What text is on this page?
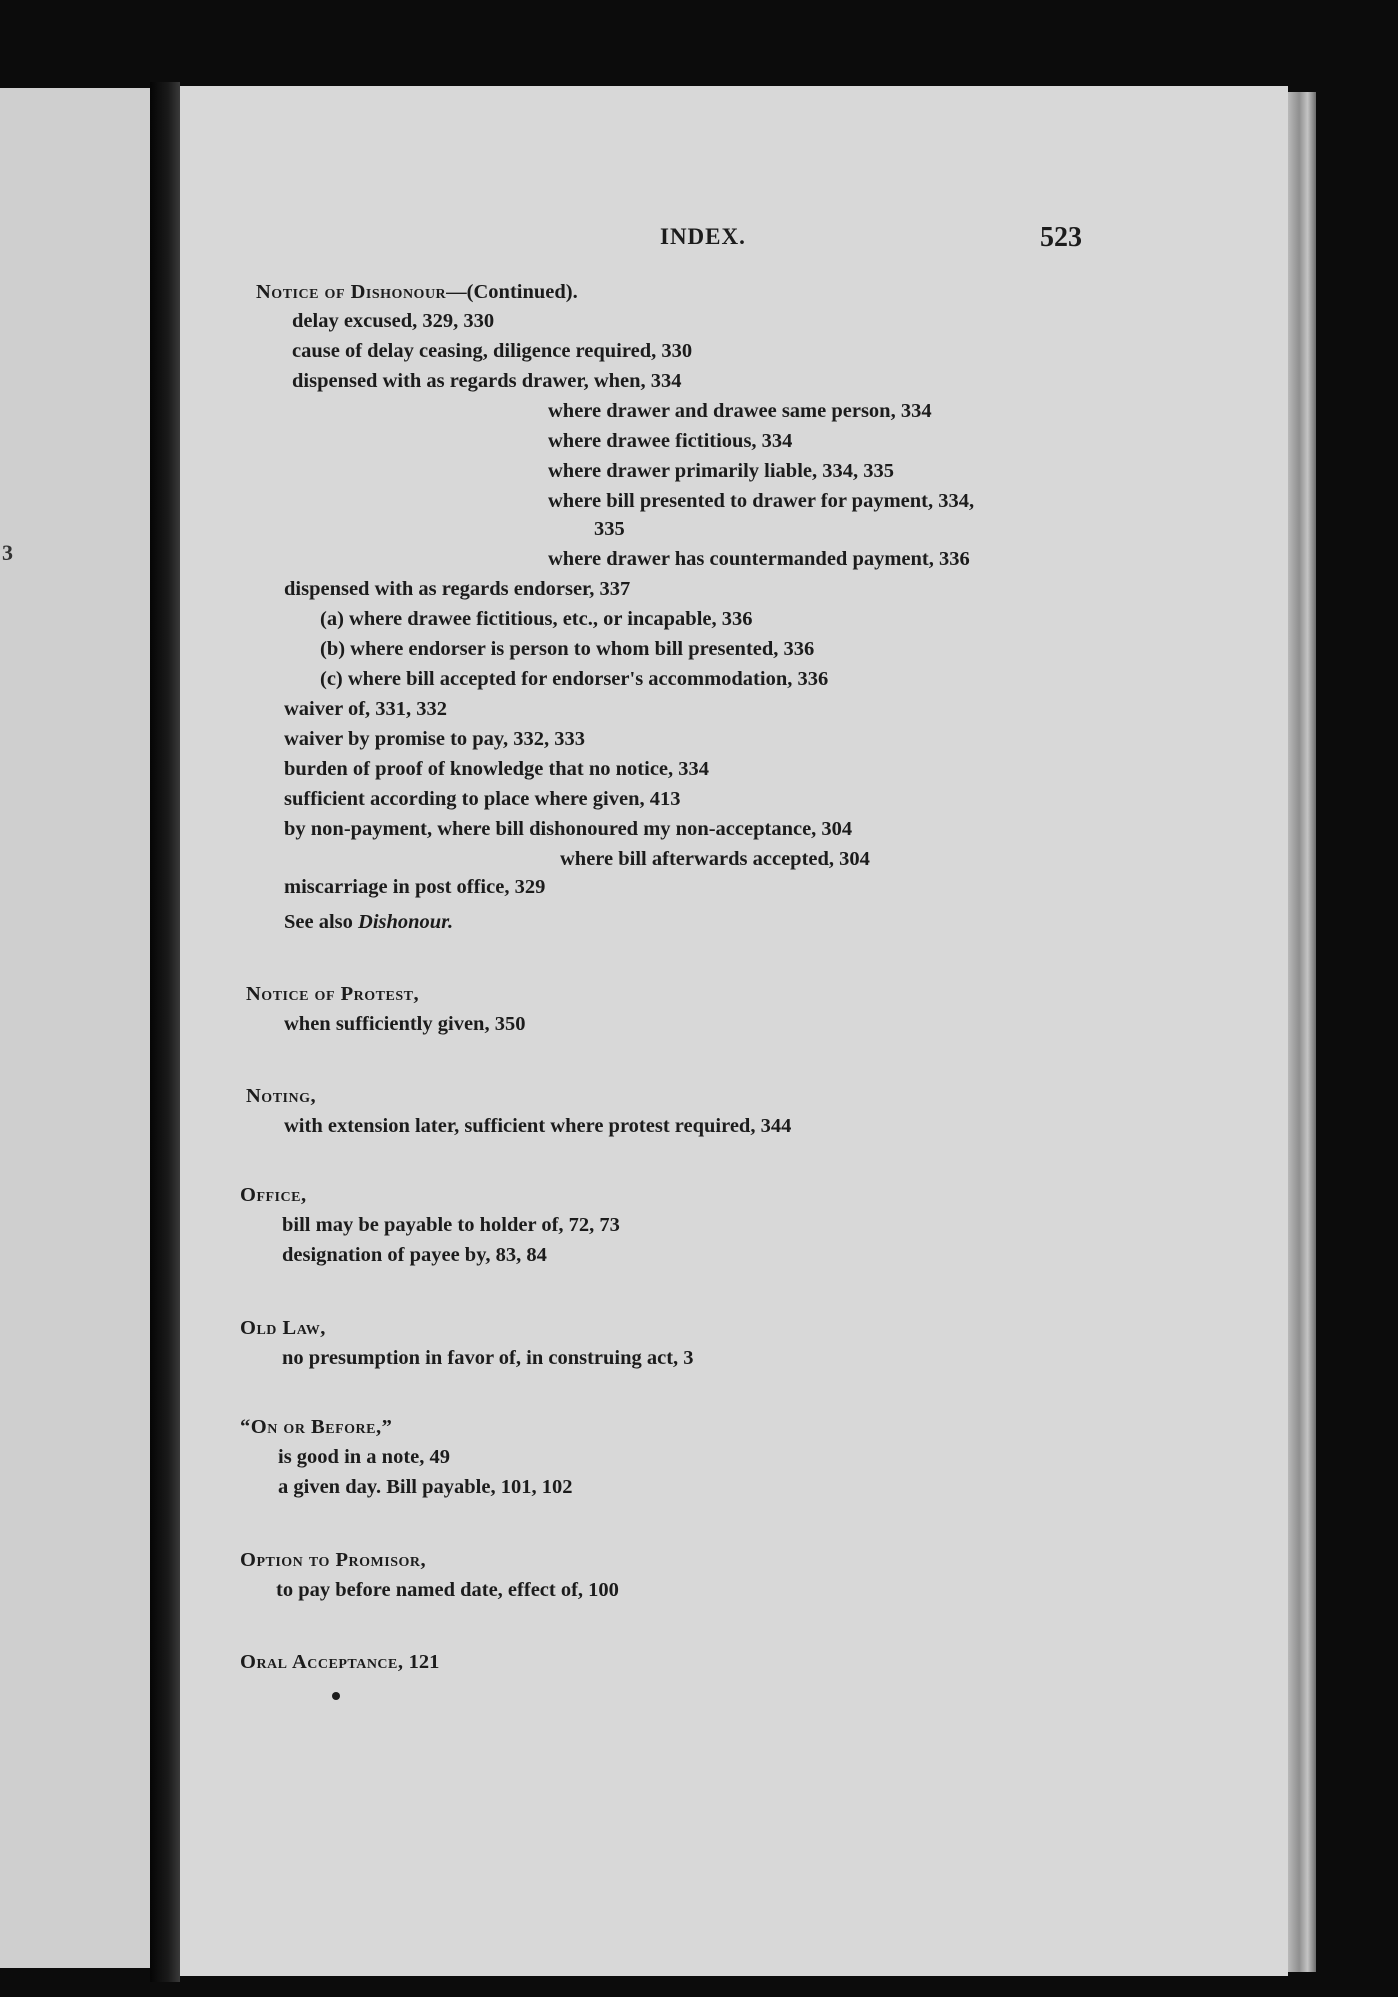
3
INDEX.	523
Notice of Dishonour—(Continued).
delay excused, 329, 330
cause of delay ceasing, diligence required, 330
dispensed with as regards drawer, when, 334
where drawer and drawee same person, 334
where drawee fictitious, 334
where drawer primarily liable, 334, 335
where bill presented to drawer for payment, 334,
335
where drawer has countermanded payment, 336
dispensed with as regards endorser, 337
(a) where drawee fictitious, etc., or incapable, 336
(b) where endorser is person to whom bill presented, 336
(c) where bill accepted for endorser's accommodation, 336
waiver of, 331, 332
waiver by promise to pay, 332, 333
burden of proof of knowledge that no notice, 334
sufficient according to place where given, 413
by non-payment, where bill dishonoured my non-acceptance, 304
where bill afterwards accepted, 304
miscarriage in post office, 329
See also Dishonour.
Notice of Protest,
when sufficiently given, 350
Noting,
with extension later, sufficient where protest required, 344
Office,
bill may be payable to holder of, 72, 73
designation of payee by, 83, 84
Old Law,
no presumption in favor of, in construing act, 3
“On or Before,”
is good in a note, 49
a given day. Bill payable, 101, 102
Option to Promisor,
to pay before named date, effect of, 100
Oral Acceptance, 121
